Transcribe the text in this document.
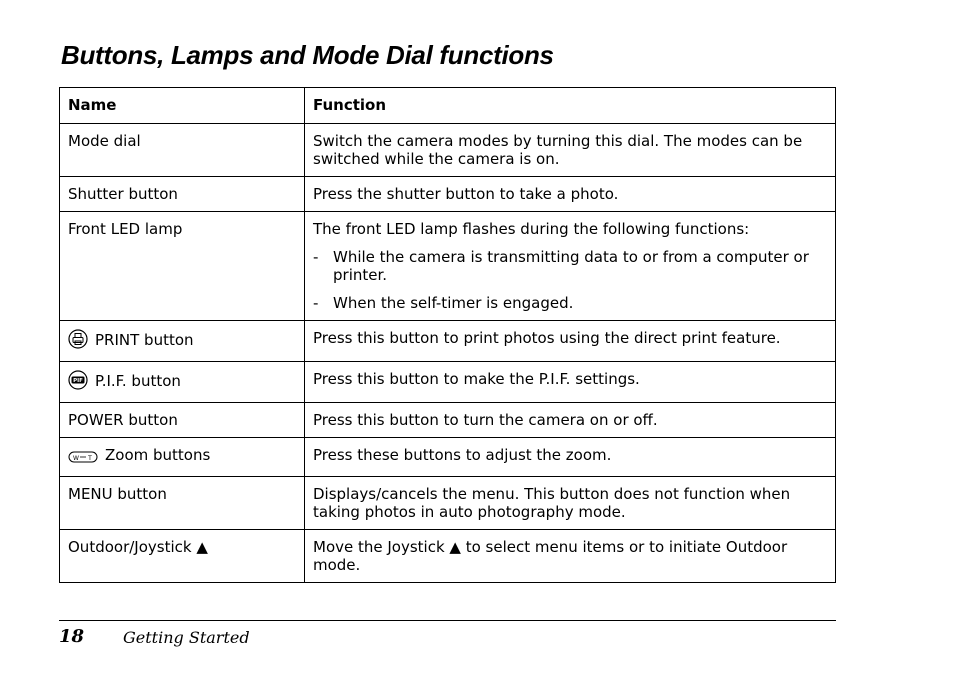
Buttons, Lamps and Mode Dial functions
Name	Function
Mode dial	Switch the camera modes by turning this dial. The modes can be switched while the camera is on.
Shutter button	Press the shutter button to take a photo.
Front LED lamp	The front LED lamp flashes during the following functions:
- While the camera is transmitting data to or from a computer or printer.
- When the self-timer is engaged.

PRINT button	Press this button to print photos using the direct print feature.

PIF P.I.F. button	Press this button to make the P.I.F. settings.
POWER button	Press this button to turn the camera on or off.

W T Zoom buttons	Press these buttons to adjust the zoom.
MENU button	Displays/cancels the menu. This button does not function when taking photos in auto photography mode.
Outdoor/Joystick ▲	Move the Joystick ▲ to select menu items or to initiate Outdoor mode.
18 Getting Started
